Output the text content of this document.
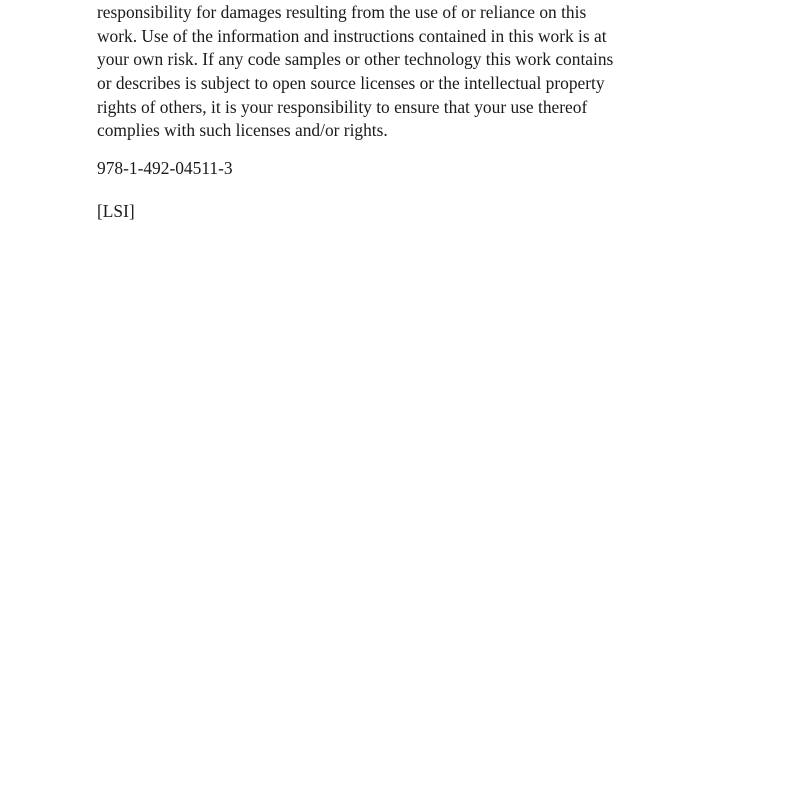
responsibility for damages resulting from the use of or reliance on this
work. Use of the information and instructions contained in this work is at
your own risk. If any code samples or other technology this work contains
or describes is subject to open source licenses or the intellectual property
rights of others, it is your responsibility to ensure that your use thereof
complies with such licenses and/or rights.
978-1-492-04511-3
[LSI]
